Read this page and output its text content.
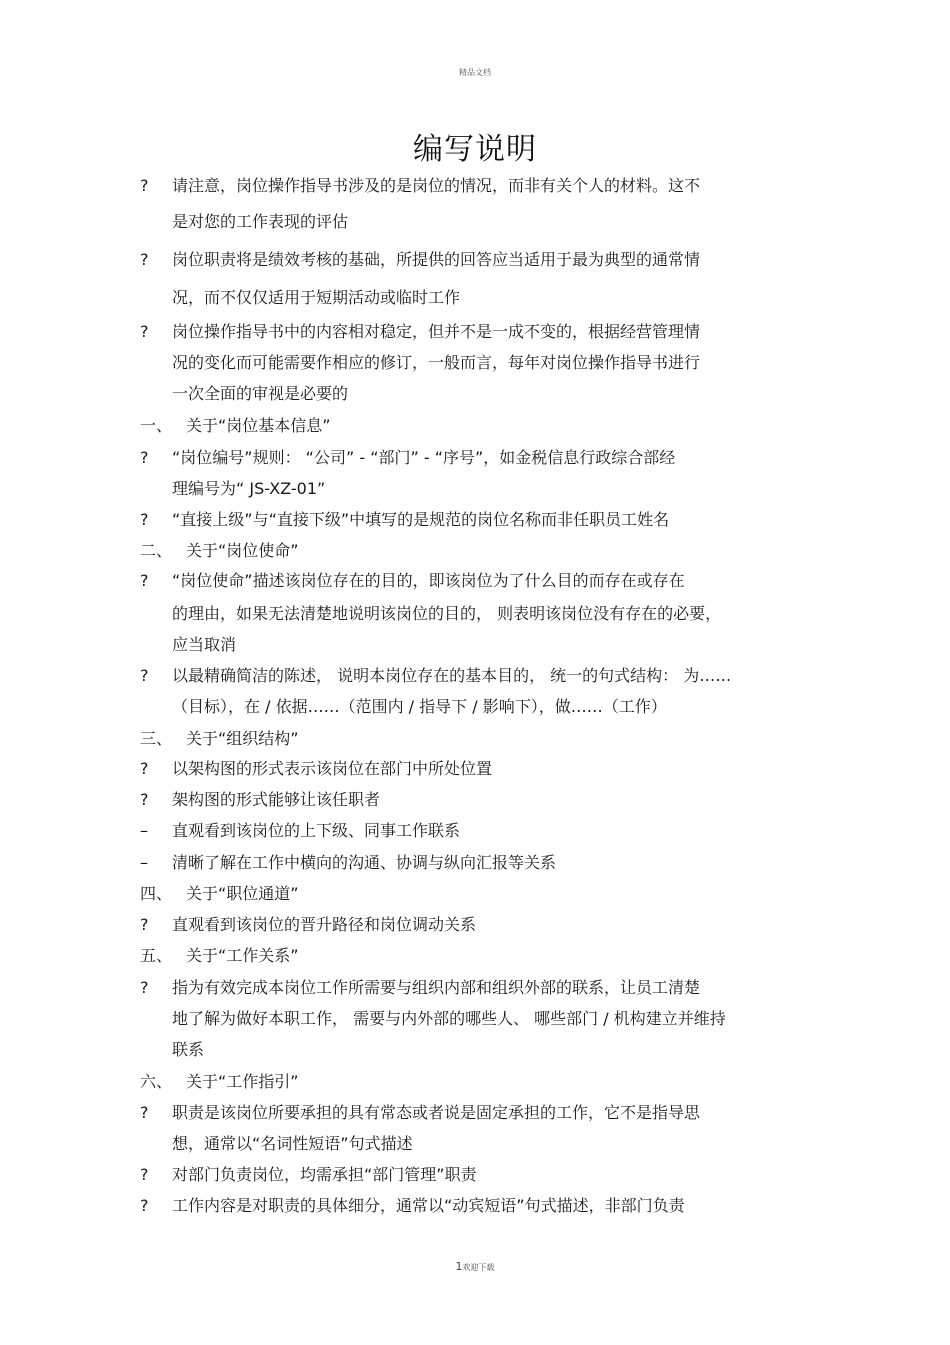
精品文档
编写说明
? 请注意，岗位操作指导书涉及的是岗位的情况，而非有关个人的材料。这不
是对您的工作表现的评估
? 岗位职责将是绩效考核的基础，所提供的回答应当适用于最为典型的通常情
况，而不仅仅适用于短期活动或临时工作
? 岗位操作指导书中的内容相对稳定，但并不是一成不变的，根据经营管理情
况的变化而可能需要作相应的修订，一般而言，每年对岗位操作指导书进行
一次全面的审视是必要的
一、 关于“岗位基本信息”
? “岗位编号”规则： “公司” - “部门” - “序号”，如金税信息行政综合部经
理编号为“ JS-XZ-01”
? “直接上级”与“直接下级”中填写的是规范的岗位名称而非任职员工姓名
二、 关于“岗位使命”
? “岗位使命”描述该岗位存在的目的，即该岗位为了什么目的而存在或存在
的理由，如果无法清楚地说明该岗位的目的， 则表明该岗位没有存在的必要，
应当取消
? 以最精确简洁的陈述， 说明本岗位存在的基本目的， 统一的句式结构： 为……
（目标），在 / 依据……（范围内 / 指导下 / 影响下），做……（工作）
三、 关于“组织结构”
? 以架构图的形式表示该岗位在部门中所处位置
? 架构图的形式能够让该任职者
– 直观看到该岗位的上下级、同事工作联系
– 清晰了解在工作中横向的沟通、协调与纵向汇报等关系
四、 关于“职位通道”
? 直观看到该岗位的晋升路径和岗位调动关系
五、 关于“工作关系”
? 指为有效完成本岗位工作所需要与组织内部和组织外部的联系，让员工清楚
地了解为做好本职工作， 需要与内外部的哪些人、 哪些部门 / 机构建立并维持
联系
六、 关于“工作指引”
? 职责是该岗位所要承担的具有常态或者说是固定承担的工作，它不是指导思
想，通常以“名词性短语”句式描述
? 对部门负责岗位，均需承担“部门管理”职责
? 工作内容是对职责的具体细分，通常以“动宾短语”句式描述，非部门负责
1欢迎下载
